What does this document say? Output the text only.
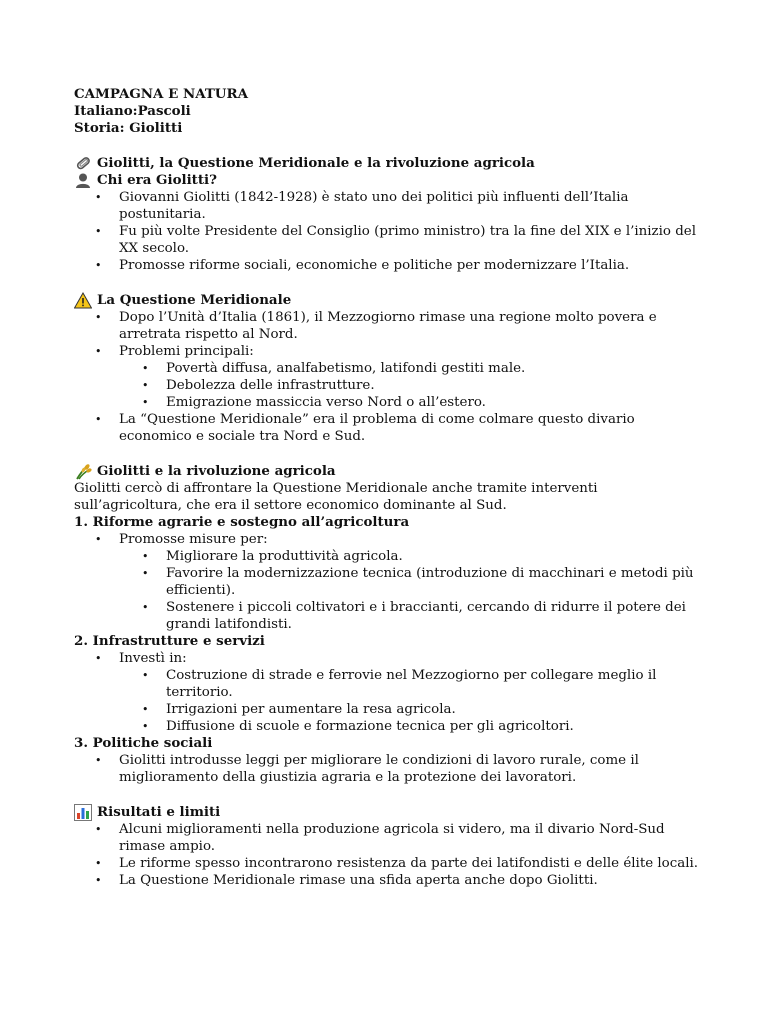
CAMPAGNA E NATURA
Italiano:Pascoli
Storia: Giolitti
Giolitti, la Questione Meridionale e la rivoluzione agricola
Chi era Giolitti?
• Giovanni Giolitti (1842-1928) è stato uno dei politici più influenti dell’Italia postunitaria.
• Fu più volte Presidente del Consiglio (primo ministro) tra la fine del XIX e l’inizio del XX secolo.
• Promosse riforme sociali, economiche e politiche per modernizzare l’Italia.
La Questione Meridionale
• Dopo l’Unità d’Italia (1861), il Mezzogiorno rimase una regione molto povera e arretrata rispetto al Nord.
• Problemi principali:
• Povertà diffusa, analfabetismo, latifondi gestiti male.
• Debolezza delle infrastrutture.
• Emigrazione massiccia verso Nord o all’estero.
• La “Questione Meridionale” era il problema di come colmare questo divario economico e sociale tra Nord e Sud.
Giolitti e la rivoluzione agricola

Giolitti cercò di affrontare la Questione Meridionale anche tramite interventi sull’agricoltura, che era il settore economico dominante al Sud.

1. Riforme agrarie e sostegno all’agricoltura
• Promosse misure per:
• Migliorare la produttività agricola.
• Favorire la modernizzazione tecnica (introduzione di macchinari e metodi più efficienti).
• Sostenere i piccoli coltivatori e i braccianti, cercando di ridurre il potere dei grandi latifondisti.
2. Infrastrutture e servizi
• Investì in:
• Costruzione di strade e ferrovie nel Mezzogiorno per collegare meglio il territorio.
• Irrigazioni per aumentare la resa agricola.
• Diffusione di scuole e formazione tecnica per gli agricoltori.
3. Politiche sociali
• Giolitti introdusse leggi per migliorare le condizioni di lavoro rurale, come il miglioramento della giustizia agraria e la protezione dei lavoratori.
Risultati e limiti
• Alcuni miglioramenti nella produzione agricola si videro, ma il divario Nord-Sud rimase ampio.
• Le riforme spesso incontrarono resistenza da parte dei latifondisti e delle élite locali.
• La Questione Meridionale rimase una sfida aperta anche dopo Giolitti.
